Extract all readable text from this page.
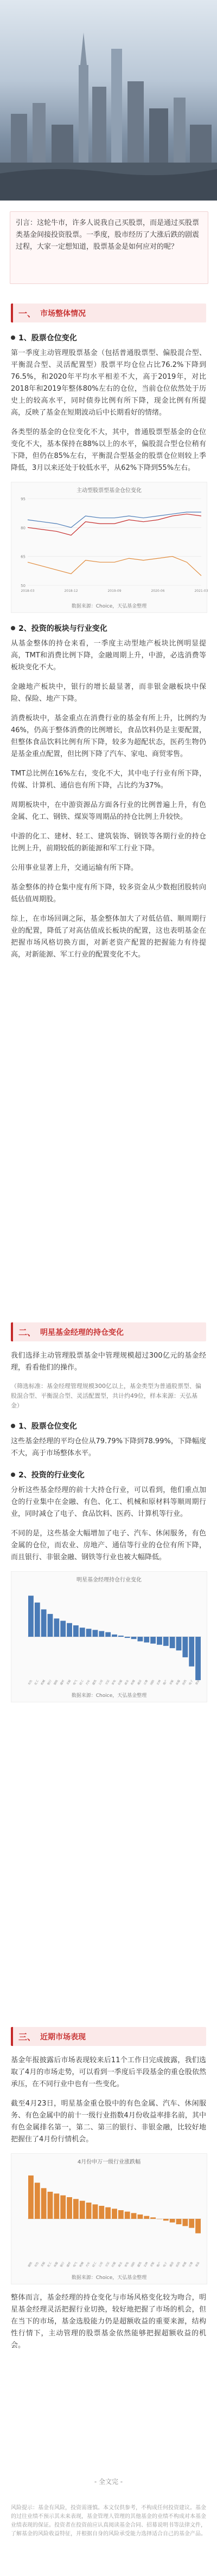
引言：这轮牛市，许多人说我自己买股票，而是通过买股票类基金间接投资股票。一季度，股市经历了大涨后跌的剧震过程，大家一定想知道，股票基金是如何应对的呢？

一、 市场整体情况
1、股票仓位变化

第一季度主动管理股票基金（包括普通股票型、偏股混合型、平衡混合型、灵活配置型）股票平均仓位占比76.2%下降到76.5%，和2020年平均水平相差不大，高于2019年，对比2018年和2019年整体80%左右的仓位，当前仓位依然处于历史上的较高水平，同时债券比例有所下降，现金比例有所提高，反映了基金在短期波动后中长期看好的情绪。

各类型的基金的仓位变化不大，其中，普通股票型基金的仓位变化不大，基本保持在88%以上的水平，偏股混合型仓位稍有下降，但仍在85%左右，平衡混合型基金的股票仓位则较上季降低，3月以来还处于较低水平，从62%下降到55%左右。

主动型股票型基金仓位变化
50
65
80
95
2018-03	2018-12	2019-09	2020-06	2021-03
数据来源：Choice，天弘基金整理
2、投资的板块与行业变化

从基金整体的持仓来看，一季度主动型地产板块比例明显提高，TMT和消费比例下降，金融周期上升，中游，必选消费等板块变化不大。

金融地产板块中，银行的增长最显著，而非银金融板块中保险、保险、地产下降。

消费板块中，基金重点在消费行业的基金有所上升，比例约为46%，仍高于整体消费的比例增长，食品饮料仍是主要配置，但整体食品饮料比例有所下降，较多为超配状态，医药生物仍是基金重点配置，但比例下降了汽车、家电、商贸零售。

TMT总比例在16%左右，变化不大，其中电子行业有所下降，传媒、计算机、通信也有所下降，占比约为37%。

周期板块中，在中游资源品方面各行业的比例普遍上升，有色金属、化工、钢铁、煤炭等周期品的持仓比例上升较快。

中游的化工、建材、轻工、建筑装饰、钢铁等各期行业的持仓比例上升，前期较低的新能源和军工行业下降。

公用事业显著上升，交通运输有所下降。

基金整体的持仓集中度有所下降，较多资金从少数抱团股转向低估值周期股。

综上，在市场回调之际，基金整体加大了对低估值、顺周期行业的配置，降低了对高估值成长板块的配置，这也表明基金在把握市场风格切换方面，对新老资产配置的把握能力有待提高，对新能源、军工行业的配置变化不大。

二、 明星基金经理的持仓变化

我们选择主动管理股票基金中管理规模超过300亿元的基金经理，看看他们的操作。

（筛选标准：基金经理管理规模300亿以上，基金类型为普通股票型、偏股混合型、平衡混合型、灵活配置型，共计约49位，样本来源：天弘基金）

1、股票仓位变化

这些基金经理的平均仓位从79.79%下降到78.99%，下降幅度不大，高于市场整体水平。

2、投资的行业变化

分析这些基金经理的前十大持仓行业，可以看到，他们重点加仓的行业集中在金融、有色、化工、机械和原材料等顺周期行业，同时减仓了电子、食品饮料、医药、计算机等行业。

不同的是，这些基金大幅增加了电子、汽车、休闲服务，有色金属的仓位，而农业、房地产、通信等行业的仓位有所下降，而且银行、非银金融、钢铁等行业也被大幅降低。

明星基金经理持仓行业变化
有色 化工 机械 银行 钢铁 建材 采掘 电气 轻工 汽车 建筑 公用 交运 家电 纺服 商业 传媒 通信 计算 国防 农林 地产 非银 休服 医药 电子 食品
数据来源：Choice，天弘基金整理
三、 近期市场表现

基金年报披露后市场表现较来后11个工作日完成披露，我们选取了4月的市场走势，可以看到一季度后半段基金的重仓股依然承压，在不同行业中也有一些变化。

截至4月23日，明星基金重仓股中的有色金属、汽车、休闲服务、有色金属中的前十一级行业指数4月份收益率排名前，其中有色金属排名第一，第二、第三的银行、非银金融，比较好地把握住了4月份行情机会。

4月份申万一级行业涨跌幅
钢铁 有色 采掘 化工 休服 银行 建材 电气 机械 汽车 轻工 公用 交运 纺服 商业 家电 国防 建筑 农林 非银 地产 电子 通信 医药 传媒 计算 食品
数据来源：Choice，天弘基金整理

整体而言，基金经理的持仓变化与市场风格变化较为吻合，明星基金经理灵活把握行业切换，较好地把握了市场的机会，但在当下的市场，基金选股能力仍是超额收益的重要来源，结构性行情下，主动管理的股票基金依然能够把握超额收益的机会。

- 全文完 -
风险提示：基金有风险，投资需谨慎。本文仅供参考，不构成任何投资建议。基金的过往业绩不预示其未来表现，基金管理人管理的其他基金的业绩不构成对本基金业绩表现的保证。投资者在投资前应认真阅读基金合同、招募说明书等法律文件，了解基金的风险收益特征，并根据自身的风险承受能力选择适合自己的基金产品。
